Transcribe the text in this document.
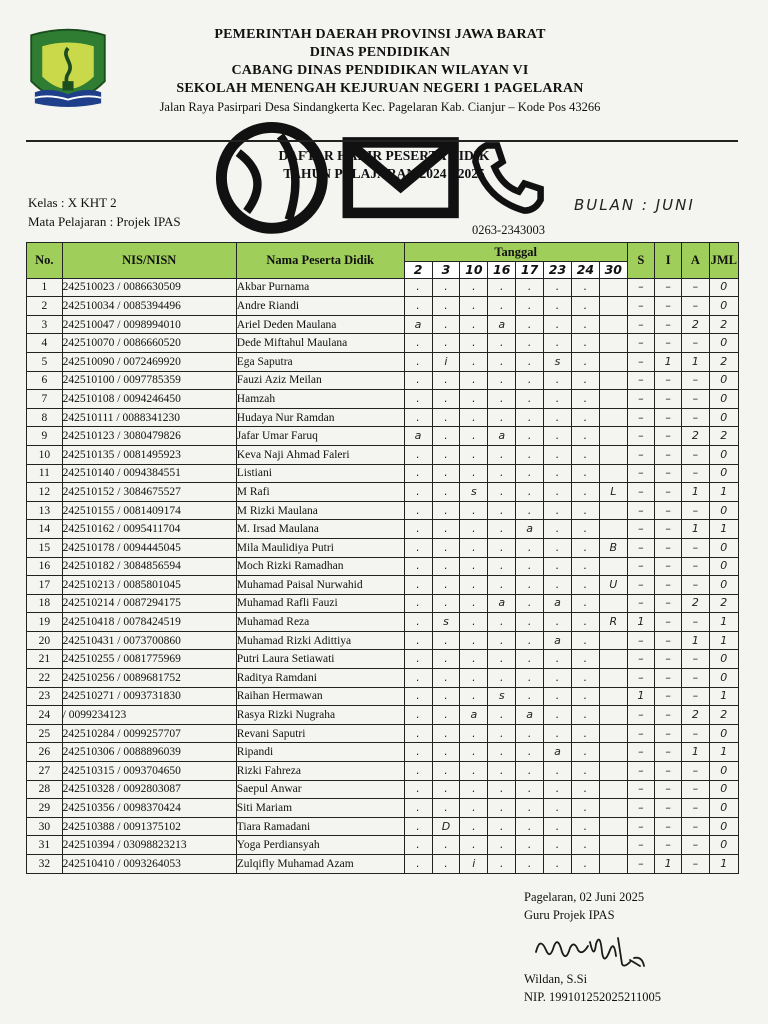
PEMERINTAH DAERAH PROVINSI JAWA BARAT
DINAS PENDIDIKAN
CABANG DINAS PENDIDIKAN WILAYAN VI
SEKOLAH MENENGAH KEJURUAN NEGERI 1 PAGELARAN
Jalan Raya Pasirpari Desa Sindangkerta Kec. Pagelaran Kab. Cianjur – Kode Pos 43266
0263-2343003
DAFTAR HADIR PESERTA DIDIK
TAHUN PELAJARAN 2024 - 2025
Kelas : X KHT 2
Mata Pelajaran : Projek IPAS
BULAN : JUNI
No.	NIS/NISN	Nama Peserta Didik	Tanggal								S	I	A	JML
			2	3	10	16	17	23	24	30				
1	242510023 / 0086630509	Akbar Purnama	.	.	.	.	.	.	.		–	–	–	0
2	242510034 / 0085394496	Andre Riandi	.	.	.	.	.	.	.		–	–	–	0
3	242510047 / 0098994010	Ariel Deden Maulana	a	.	.	a	.	.	.		–	–	2	2
4	242510070 / 0086660520	Dede Miftahul Maulana	.	.	.	.	.	.	.		–	–	–	0
5	242510090 / 0072469920	Ega Saputra	.	i	.	.	.	s	.		–	1	1	2
6	242510100 / 0097785359	Fauzi Aziz Meilan	.	.	.	.	.	.	.		–	–	–	0
7	242510108 / 0094246450	Hamzah	.	.	.	.	.	.	.		–	–	–	0
8	242510111 / 0088341230	Hudaya Nur Ramdan	.	.	.	.	.	.	.		–	–	–	0
9	242510123 / 3080479826	Jafar Umar Faruq	a	.	.	a	.	.	.		–	–	2	2
10	242510135 / 0081495923	Keva Naji Ahmad Faleri	.	.	.	.	.	.	.		–	–	–	0
11	242510140 / 0094384551	Listiani	.	.	.	.	.	.	.		–	–	–	0
12	242510152 / 3084675527	M Rafi	.	.	s	.	.	.	.	L	–	–	1	1
13	242510155 / 0081409174	M Rizki Maulana	.	.	.	.	.	.	.		–	–	–	0
14	242510162 / 0095411704	M. Irsad Maulana	.	.	.	.	a	.	.		–	–	1	1
15	242510178 / 0094445045	Mila Maulidiya Putri	.	.	.	.	.	.	.	B	–	–	–	0
16	242510182 / 3084856594	Moch Rizki Ramadhan	.	.	.	.	.	.	.		–	–	–	0
17	242510213 / 0085801045	Muhamad Paisal Nurwahid	.	.	.	.	.	.	.	U	–	–	–	0
18	242510214 / 0087294175	Muhamad Rafli Fauzi	.	.	.	a	.	a	.		–	–	2	2
19	242510418 / 0078424519	Muhamad Reza	.	s	.	.	.	.	.	R	1	–	–	1
20	242510431 / 0073700860	Muhamad Rizki Adittiya	.	.	.	.	.	a	.		–	–	1	1
21	242510255 / 0081775969	Putri Laura Setiawati	.	.	.	.	.	.	.		–	–	–	0
22	242510256 / 0089681752	Raditya Ramdani	.	.	.	.	.	.	.		–	–	–	0
23	242510271 / 0093731830	Raihan Hermawan	.	.	.	s	.	.	.		1	–	–	1
24	/ 0099234123	Rasya Rizki Nugraha	.	.	a	.	a	.	.		–	–	2	2
25	242510284 / 0099257707	Revani Saputri	.	.	.	.	.	.	.		–	–	–	0
26	242510306 / 0088896039	Ripandi	.	.	.	.	.	a	.		–	–	1	1
27	242510315 / 0093704650	Rizki Fahreza	.	.	.	.	.	.	.		–	–	–	0
28	242510328 / 0092803087	Saepul Anwar	.	.	.	.	.	.	.		–	–	–	0
29	242510356 / 0098370424	Siti Mariam	.	.	.	.	.	.	.		–	–	–	0
30	242510388 / 0091375102	Tiara Ramadani	.	D	.	.	.	.	.		–	–	–	0
31	242510394 / 03098823213	Yoga Perdiansyah	.	.	.	.	.	.	.		–	–	–	0
32	242510410 / 0093264053	Zulqifly Muhamad Azam	.	.	i	.	.	.	.		–	1	–	1
Pagelaran, 02 Juni 2025
Guru Projek IPAS
Wildan, S.Si
NIP. 199101252025211005
